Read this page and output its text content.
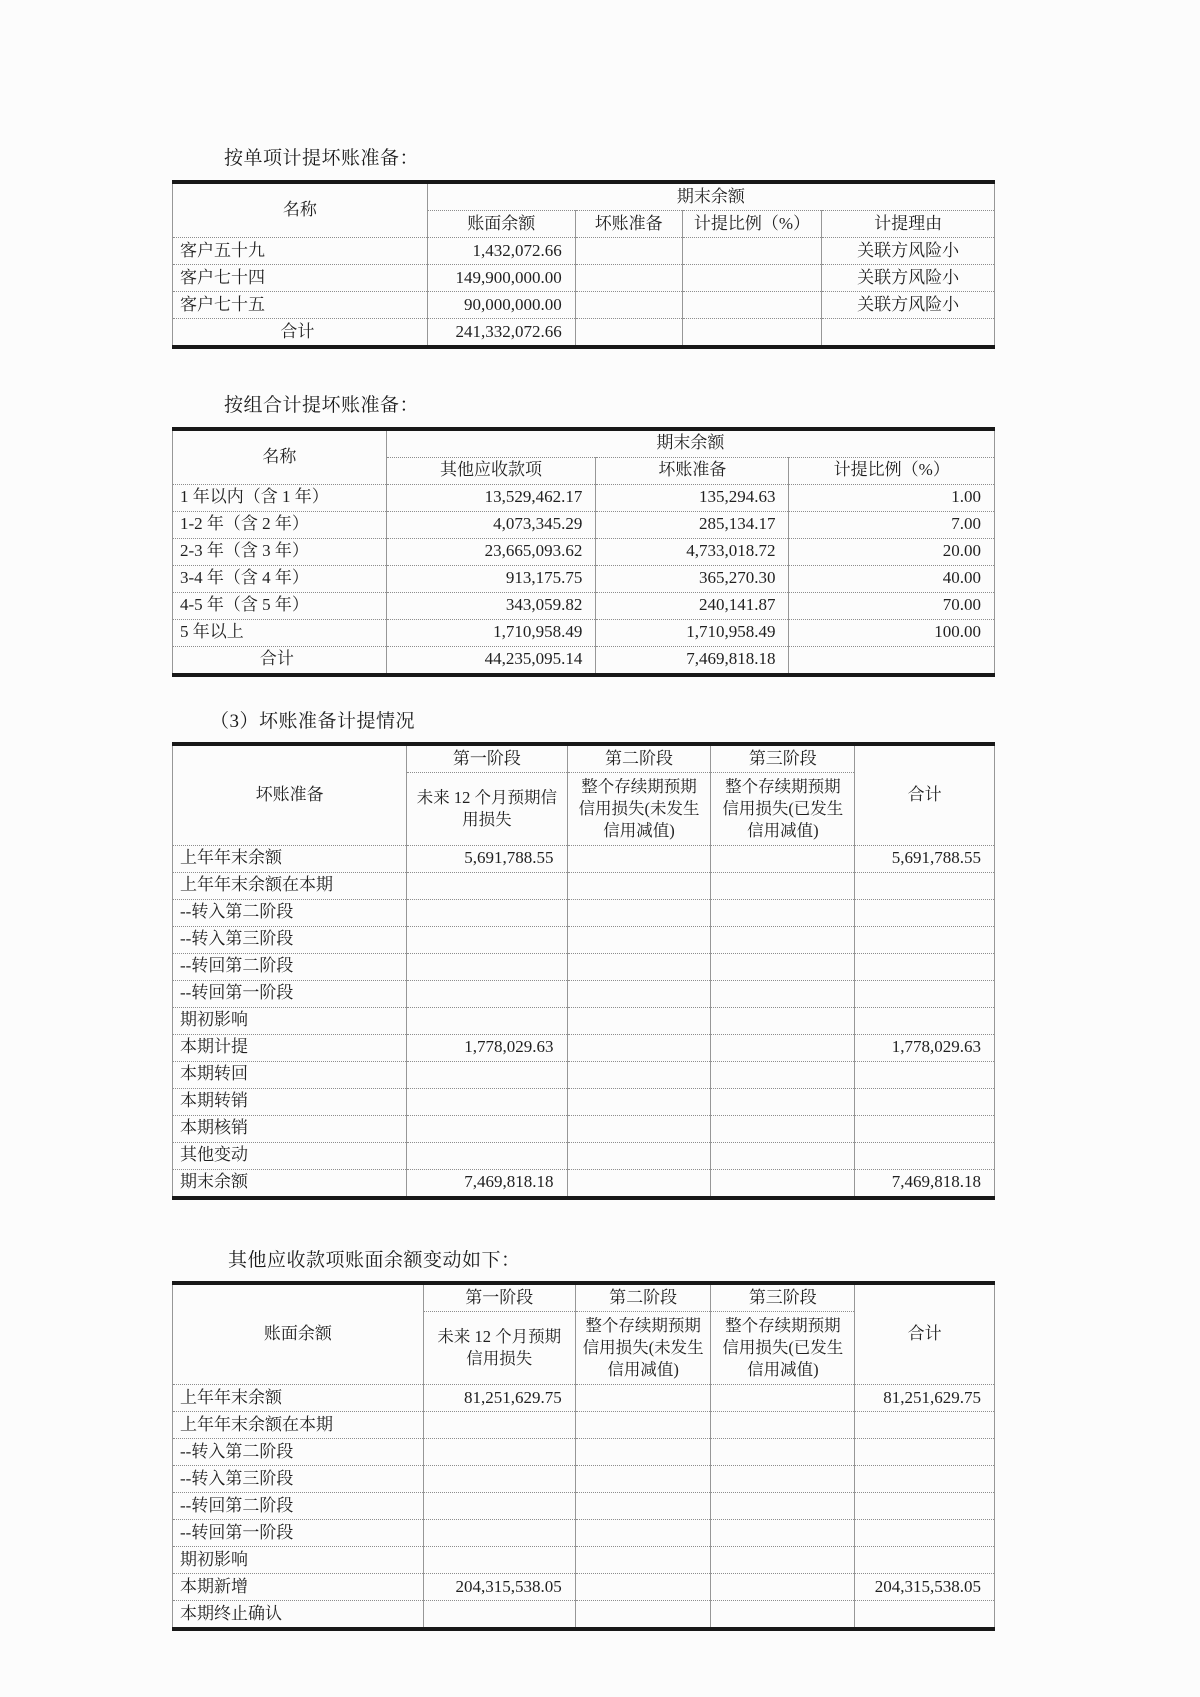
按单项计提坏账准备：

名称	期末余额			
	账面余额	坏账准备	计提比例（%）	计提理由
客户五十九	1,432,072.66			关联方风险小
客户七十四	149,900,000.00			关联方风险小
客户七十五	90,000,000.00			关联方风险小
合计	241,332,072.66			

按组合计提坏账准备：

名称	期末余额		
	其他应收款项	坏账准备	计提比例（%）
1 年以内（含 1 年）	13,529,462.17	135,294.63	1.00
1-2 年（含 2 年）	4,073,345.29	285,134.17	7.00
2-3 年（含 3 年）	23,665,093.62	4,733,018.72	20.00
3-4 年（含 4 年）	913,175.75	365,270.30	40.00
4-5 年（含 5 年）	343,059.82	240,141.87	70.00
5 年以上	1,710,958.49	1,710,958.49	100.00
合计	44,235,095.14	7,469,818.18	

（3）坏账准备计提情况

坏账准备	第一阶段	第二阶段	第三阶段	合计
	未来 12 个月预期信用损失	整个存续期预期信用损失(未发生信用减值)	整个存续期预期信用损失(已发生信用减值)	
上年年末余额	5,691,788.55			5,691,788.55
上年年末余额在本期				
--转入第二阶段				
--转入第三阶段				
--转回第二阶段				
--转回第一阶段				
期初影响				
本期计提	1,778,029.63			1,778,029.63
本期转回				
本期转销				
本期核销				
其他变动				
期末余额	7,469,818.18			7,469,818.18

其他应收款项账面余额变动如下：

账面余额	第一阶段	第二阶段	第三阶段	合计
	未来 12 个月预期信用损失	整个存续期预期信用损失(未发生信用减值)	整个存续期预期信用损失(已发生信用减值)	
上年年末余额	81,251,629.75			81,251,629.75
上年年末余额在本期				
--转入第二阶段				
--转入第三阶段				
--转回第二阶段				
--转回第一阶段				
期初影响				
本期新增	204,315,538.05			204,315,538.05
本期终止确认				
